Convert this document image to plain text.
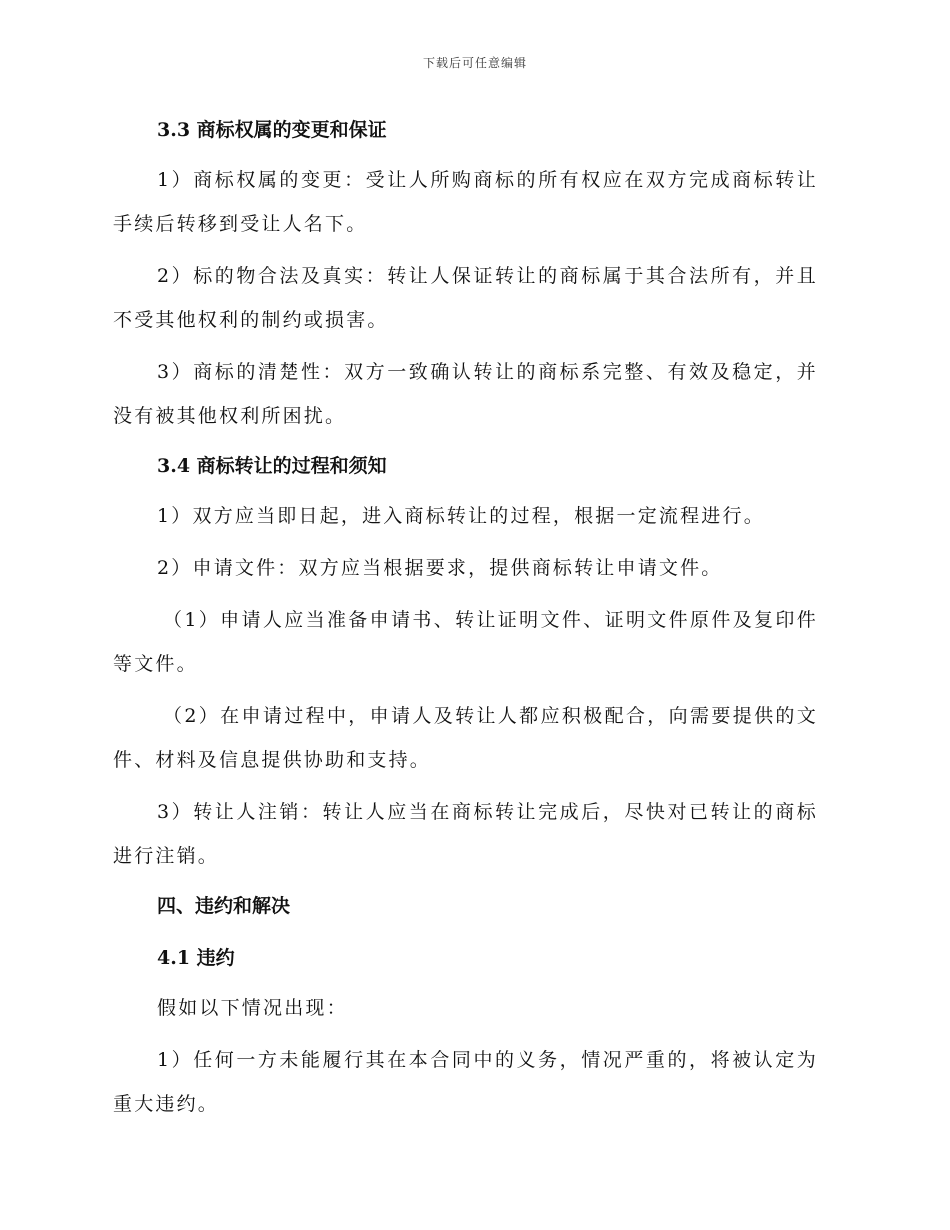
下载后可任意编辑
3.3 商标权属的变更和保证

1）商标权属的变更：受让人所购商标的所有权应在双方完成商标转让手续后转移到受让人名下。

2）标的物合法及真实：转让人保证转让的商标属于其合法所有，并且不受其他权利的制约或损害。

3）商标的清楚性：双方一致确认转让的商标系完整、有效及稳定，并没有被其他权利所困扰。

3.4 商标转让的过程和须知

1）双方应当即日起，进入商标转让的过程，根据一定流程进行。

2）申请文件：双方应当根据要求，提供商标转让申请文件。

（1）申请人应当准备申请书、转让证明文件、证明文件原件及复印件等文件。

（2）在申请过程中，申请人及转让人都应积极配合，向需要提供的文件、材料及信息提供协助和支持。

3）转让人注销：转让人应当在商标转让完成后，尽快对已转让的商标进行注销。

四、违约和解决
4.1 违约

假如以下情况出现：

1）任何一方未能履行其在本合同中的义务，情况严重的，将被认定为重大违约。
